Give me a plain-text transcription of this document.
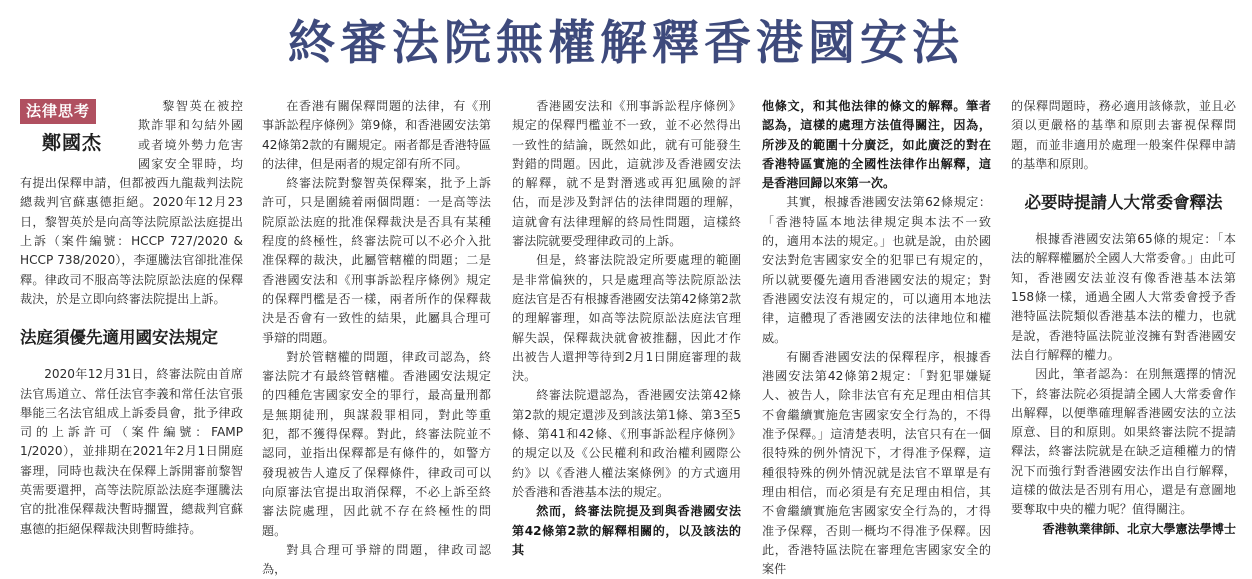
終審法院無權解釋香港國安法
法律思考
鄭國杰

黎智英在被控欺詐罪和勾結外國或者境外勢力危害國家安全罪時，均有提出保釋申請，但都被西九龍裁判法院總裁判官蘇惠德拒絕。2020年12月23日，黎智英於是向高等法院原訟法庭提出上訴（案件編號：HCCP 727/2020 & HCCP 738/2020），李運騰法官卻批准保釋。律政司不服高等法院原訟法庭的保釋裁決，於是立即向終審法院提出上訴。

法庭須優先適用國安法規定

2020年12月31日，終審法院由首席法官馬道立、常任法官李義和常任法官張舉能三名法官組成上訴委員會，批予律政司的上訴許可（案件編號：FAMP 1/2020），並排期在2021年2月1日開庭審理，同時也裁決在保釋上訴開審前黎智英需要還押，高等法院原訟法庭李運騰法官的批准保釋裁決暫時擱置，總裁判官蘇惠德的拒絕保釋裁決則暫時維持。

在香港有關保釋問題的法律，有《刑事訴訟程序條例》第9條，和香港國安法第42條第2款的有關規定。兩者都是香港特區的法律，但是兩者的規定卻有所不同。

終審法院對黎智英保釋案，批予上訴許可，只是圍繞着兩個問題：一是高等法院原訟法庭的批准保釋裁決是否具有某種程度的終極性，終審法院可以不必介入批准保釋的裁決，此屬管轄權的問題；二是香港國安法和《刑事訴訟程序條例》規定的保釋門檻是否一樣，兩者所作的保釋裁決是否會有一致性的結果，此屬具合理可爭辯的問題。

對於管轄權的問題，律政司認為，終審法院才有最終管轄權。香港國安法規定的四種危害國家安全的罪行，最高量刑都是無期徒刑，與謀殺罪相同，對此等重犯，都不獲得保釋。對此，終審法院並不認同，並指出保釋都是有條件的，如警方發現被告人違反了保釋條件，律政司可以向原審法官提出取消保釋，不必上訴至終審法院處理，因此就不存在終極性的問題。

對具合理可爭辯的問題，律政司認為，

香港國安法和《刑事訴訟程序條例》規定的保釋門檻並不一致，並不必然得出一致性的結論，既然如此，就有可能發生對錯的問題。因此，這就涉及香港國安法的解釋，就不是對潛逃或再犯風險的評估，而是涉及對評估的法律問題的理解，這就會有法律理解的終局性問題，這樣終審法院就要受理律政司的上訴。

但是，終審法院設定所要處理的範圍是非常偏狹的，只是處理高等法院原訟法庭法官是否有根據香港國安法第42條第2款的理解審理，如高等法院原訟法庭法官理解失誤，保釋裁決就會被推翻，因此才作出被告人還押等待到2月1日開庭審理的裁決。

終審法院還認為，香港國安法第42條第2款的規定還涉及到該法第1條、第3至5條、第41和42條、《刑事訴訟程序條例》的規定以及《公民權利和政治權利國際公約》以《香港人權法案條例》的方式適用於香港和香港基本法的規定。

然而，終審法院提及到與香港國安法第42條第2款的解釋相關的，以及該法的其

他條文，和其他法律的條文的解釋。筆者認為，這樣的處理方法值得關注，因為，所涉及的範圍十分廣泛，如此廣泛的對在香港特區實施的全國性法律作出解釋，這是香港回歸以來第一次。

其實，根據香港國安法第62條規定：「香港特區本地法律規定與本法不一致的，適用本法的規定。」也就是說，由於國安法對危害國家安全的犯罪已有規定的，所以就要優先適用香港國安法的規定；對香港國安法沒有規定的，可以適用本地法律，這體現了香港國安法的法律地位和權威。

有關香港國安法的保釋程序，根據香港國安法第42條第2規定：「對犯罪嫌疑人、被告人，除非法官有充足理由相信其不會繼續實施危害國家安全行為的，不得准予保釋。」這清楚表明，法官只有在一個很特殊的例外情況下，才得准予保釋，這種很特殊的例外情況就是法官不單單是有理由相信，而必須是有充足理由相信，其不會繼續實施危害國家安全行為的，才得准予保釋，否則一概均不得准予保釋。因此，香港特區法院在審理危害國家安全的案件

的保釋問題時，務必適用該條款，並且必須以更嚴格的基準和原則去審視保釋問題，而並非適用於處理一般案件保釋申請的基準和原則。

必要時提請人大常委會釋法

根據香港國安法第65條的規定：「本法的解釋權屬於全國人大常委會。」由此可知，香港國安法並沒有像香港基本法第158條一樣，通過全國人大常委會授予香港特區法院類似香港基本法的權力，也就是說，香港特區法院並沒擁有對香港國安法自行解釋的權力。

因此，筆者認為：在別無選擇的情況下，終審法院必須提請全國人大常委會作出解釋，以便準確理解香港國安法的立法原意、目的和原則。如果終審法院不提請釋法，終審法院就是在缺乏這種權力的情況下而強行對香港國安法作出自行解釋，這樣的做法是否別有用心，還是有意圖地要奪取中央的權力呢？值得關注。

香港執業律師、北京大學憲法學博士
